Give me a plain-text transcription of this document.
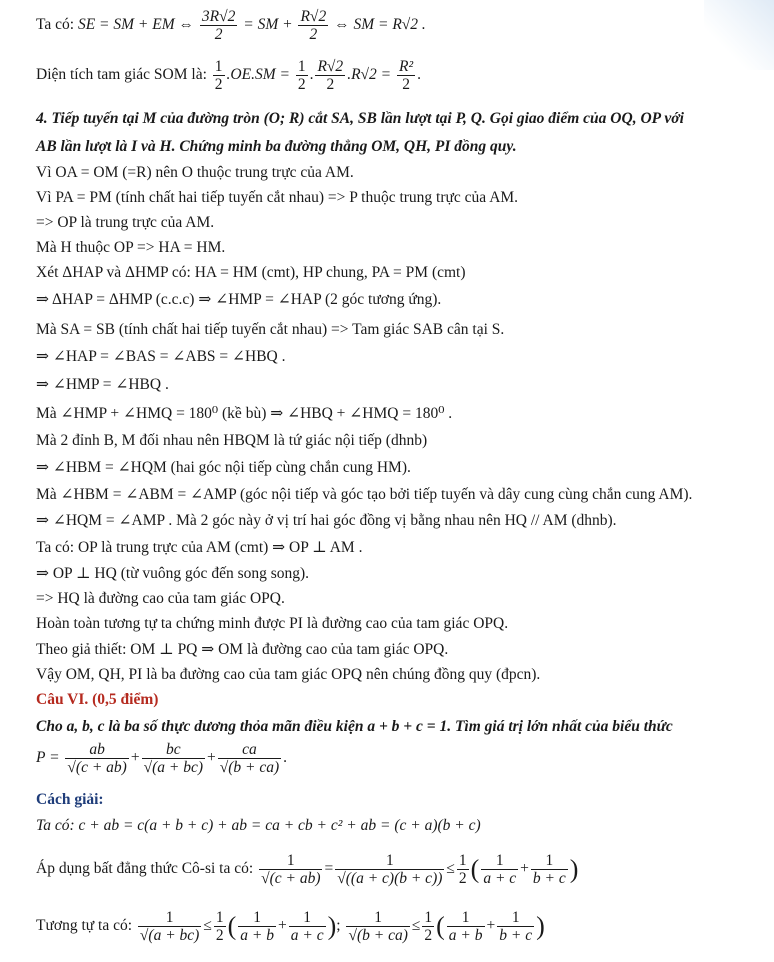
Ta có: SE = SM + EM ⇔ $\frac{3R√2}{2}$ = SM + $\frac{R√2}{2}$ ⇔ SM = R√2 .
Diện tích tam giác SOM là: $\frac{1}{2} .OE.SM = \frac{1}{2}$ . $\frac{R√2}{2} .R√2 = \frac{\text{R²}}{2}$ .
4. Tiếp tuyến tại M của đường tròn (O; R) cắt SA, SB lần lượt tại P, Q. Gọi giao điểm của OQ, OP với
AB lần lượt là I và H. Chứng minh ba đường thẳng OM, QH, PI đồng quy.
Vì OA = OM (=R) nên O thuộc trung trực của AM.
Vì PA = PM (tính chất hai tiếp tuyến cắt nhau) => P thuộc trung trực của AM.
=> OP là trung trực của AM.
Mà H thuộc OP => HA = HM.
Xét ΔHAP và ΔHMP có: HA = HM (cmt), HP chung, PA = PM (cmt)
⇒ ΔHAP = ΔHMP (c.c.c) ⇒ ∠HMP = ∠HAP (2 góc tương ứng).
Mà SA = SB (tính chất hai tiếp tuyến cắt nhau) => Tam giác SAB cân tại S.
⇒ ∠HAP = ∠BAS = ∠ABS = ∠HBQ .
⇒ ∠HMP = ∠HBQ .
Mà ∠HMP + ∠HMQ = 180⁰ (kề bù) ⇒ ∠HBQ + ∠HMQ = 180⁰ .
Mà 2 đỉnh B, M đối nhau nên HBQM là tứ giác nội tiếp (dhnb)
⇒ ∠HBM = ∠HQM (hai góc nội tiếp cùng chắn cung HM).
Mà ∠HBM = ∠ABM = ∠AMP (góc nội tiếp và góc tạo bởi tiếp tuyến và dây cung cùng chắn cung AM).
⇒ ∠HQM = ∠AMP . Mà 2 góc này ở vị trí hai góc đồng vị bằng nhau nên HQ // AM (dhnb).
Ta có: OP là trung trực của AM (cmt) ⇒ OP ⊥ AM .
⇒ OP ⊥ HQ (từ vuông góc đến song song).
=> HQ là đường cao của tam giác OPQ.
Hoàn toàn tương tự ta chứng minh được PI là đường cao của tam giác OPQ.
Theo giả thiết: OM ⊥ PQ ⇒ OM là đường cao của tam giác OPQ.
Vậy OM, QH, PI là ba đường cao của tam giác OPQ nên chúng đồng quy (đpcn).
Câu VI. (0,5 điểm)
Cho a, b, c là ba số thực dương thỏa mãn điều kiện a + b + c = 1. Tìm giá trị lớn nhất của biểu thức
$P = \frac{ab}{√(c + ab)} + \frac{bc}{√(a + bc)} + \frac{ca}{√(b + ca)}$ .
Cách giải:
Ta có: c + ab = c(a + b + c) + ab = ca + cb + c² + ab = (c + a)(b + c)
Áp dụng bất đẳng thức Cô-si ta có: $\frac{1}{√(c + ab)} = \frac{1}{√((a + c)(b + c))} \le \frac{1}{2}$ ( $\frac{1}{a + c} + \frac{1}{b + c}$ )
Tương tự ta có: $\frac{1}{√(a + bc)} \le \frac{1}{2}$ ( $\frac{1}{a + b} + \frac{1}{a + c}$ ); $\frac{1}{√(b + ca)} \le \frac{1}{2}$ ( $\frac{1}{a + b} + \frac{1}{b + c}$ )
